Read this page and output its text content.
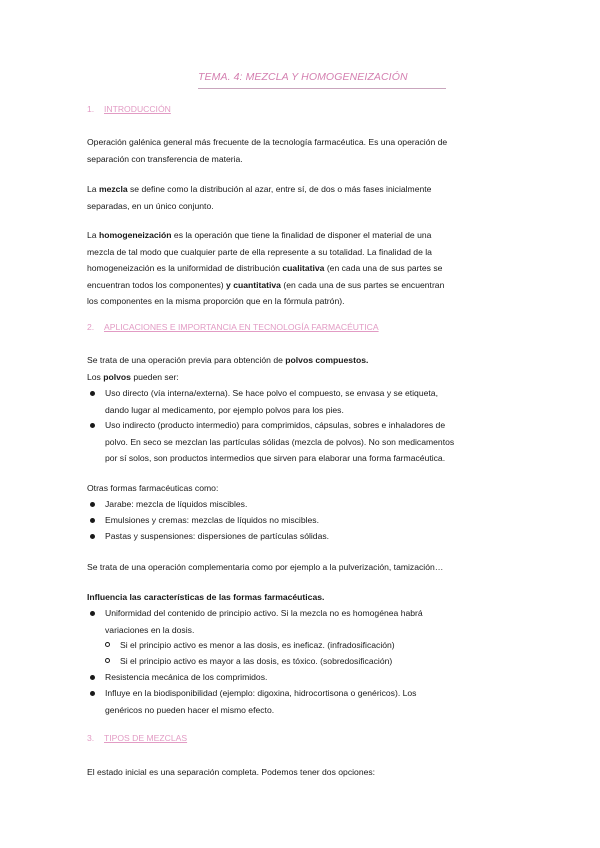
TEMA. 4: MEZCLA Y HOMOGENEIZACIÓN
1. INTRODUCCIÓN
Operación galénica general más frecuente de la tecnología farmacéutica. Es una operación de
separación con transferencia de materia.
La mezcla se define como la distribución al azar, entre sí, de dos o más fases inicialmente
separadas, en un único conjunto.
La homogeneización es la operación que tiene la finalidad de disponer el material de una
mezcla de tal modo que cualquier parte de ella represente a su totalidad. La finalidad de la
homogeneización es la uniformidad de distribución cualitativa (en cada una de sus partes se
encuentran todos los componentes) y cuantitativa (en cada una de sus partes se encuentran
los componentes en la misma proporción que en la fórmula patrón).
2. APLICACIONES E IMPORTANCIA EN TECNOLOGÍA FARMACÉUTICA
Se trata de una operación previa para obtención de polvos compuestos.
Los polvos pueden ser:
Uso directo (vía interna/externa). Se hace polvo el compuesto, se envasa y se etiqueta,
dando lugar al medicamento, por ejemplo polvos para los pies.
Uso indirecto (producto intermedio) para comprimidos, cápsulas, sobres e inhaladores de
polvo. En seco se mezclan las partículas sólidas (mezcla de polvos). No son medicamentos
por sí solos, son productos intermedios que sirven para elaborar una forma farmacéutica.
Otras formas farmacéuticas como:
Jarabe: mezcla de líquidos miscibles.
Emulsiones y cremas: mezclas de líquidos no miscibles.
Pastas y suspensiones: dispersiones de partículas sólidas.
Se trata de una operación complementaria como por ejemplo a la pulverización, tamización…
Influencia las características de las formas farmacéuticas.
Uniformidad del contenido de principio activo. Si la mezcla no es homogénea habrá
variaciones en la dosis.
Si el principio activo es menor a las dosis, es ineficaz. (infradosificación)
Si el principio activo es mayor a las dosis, es tóxico. (sobredosificación)
Resistencia mecánica de los comprimidos.
Influye en la biodisponibilidad (ejemplo: digoxina, hidrocortisona o genéricos). Los
genéricos no pueden hacer el mismo efecto.
3. TIPOS DE MEZCLAS
El estado inicial es una separación completa. Podemos tener dos opciones:
